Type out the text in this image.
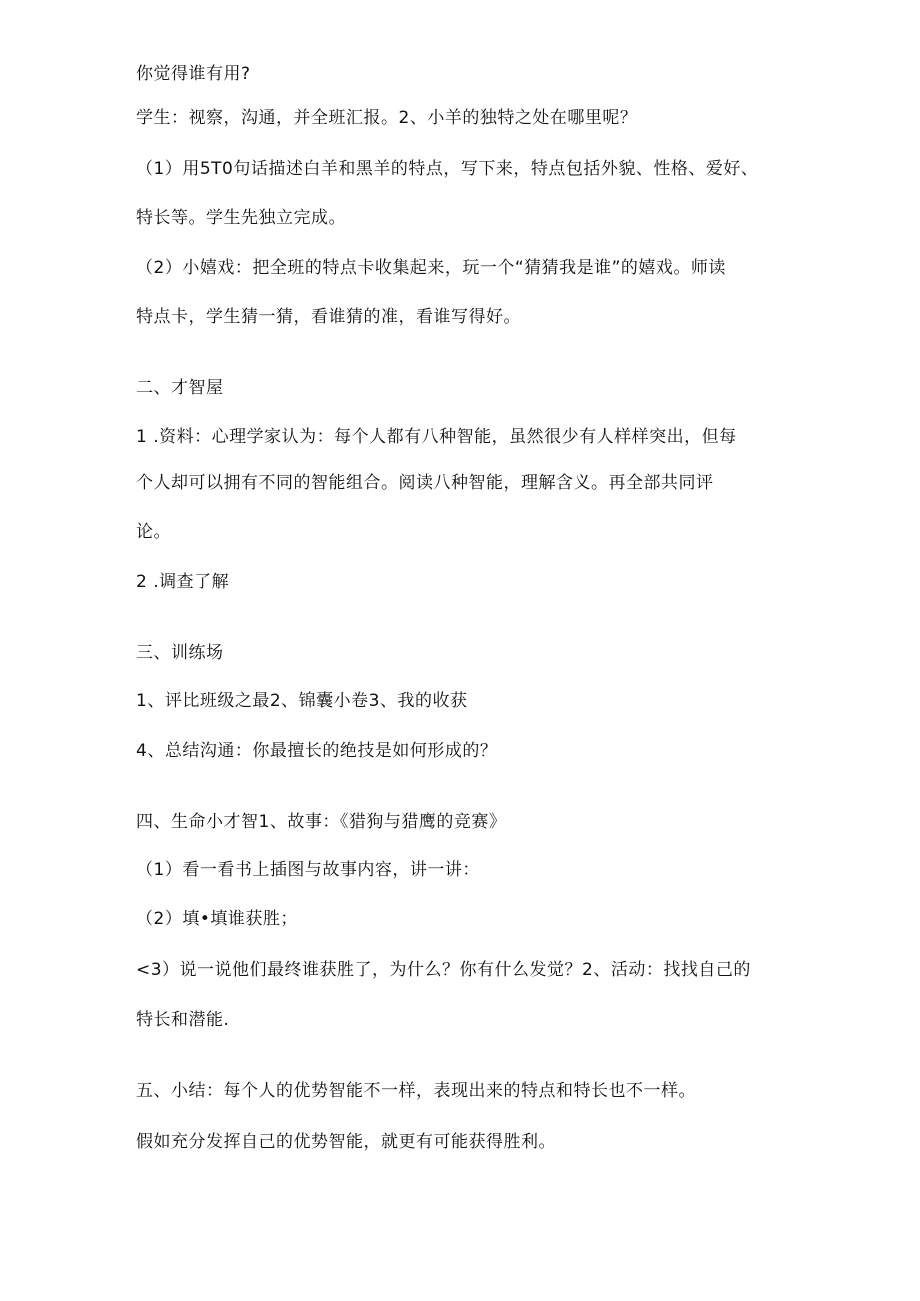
你觉得谁有用?

学生：视察，沟通，并全班汇报。2、小羊的独特之处在哪里呢？

（1）用5T0句话描述白羊和黑羊的特点，写下来，特点包括外貌、性格、爱好、

特长等。学生先独立完成。

（2）小嬉戏：把全班的特点卡收集起来，玩一个“猜猜我是谁”的嬉戏。师读

特点卡，学生猜一猜，看谁猜的准，看谁写得好。

二、才智屋

1 .资料：心理学家认为：每个人都有八种智能，虽然很少有人样样突出，但每

个人却可以拥有不同的智能组合。阅读八种智能，理解含义。再全部共同评

论。

2 .调查了解

三、训练场

1、评比班级之最2、锦囊小卷3、我的收获

4、总结沟通：你最擅长的绝技是如何形成的？

四、生命小才智1、故事：《猎狗与猎鹰的竞赛》

（1）看一看书上插图与故事内容，讲一讲：

（2）填•填谁获胜；

<3）说一说他们最终谁获胜了，为什么？你有什么发觉？2、活动：找找自己的

特长和潜能.

五、小结：每个人的优势智能不一样，表现出来的特点和特长也不一样。

假如充分发挥自己的优势智能，就更有可能获得胜利。
